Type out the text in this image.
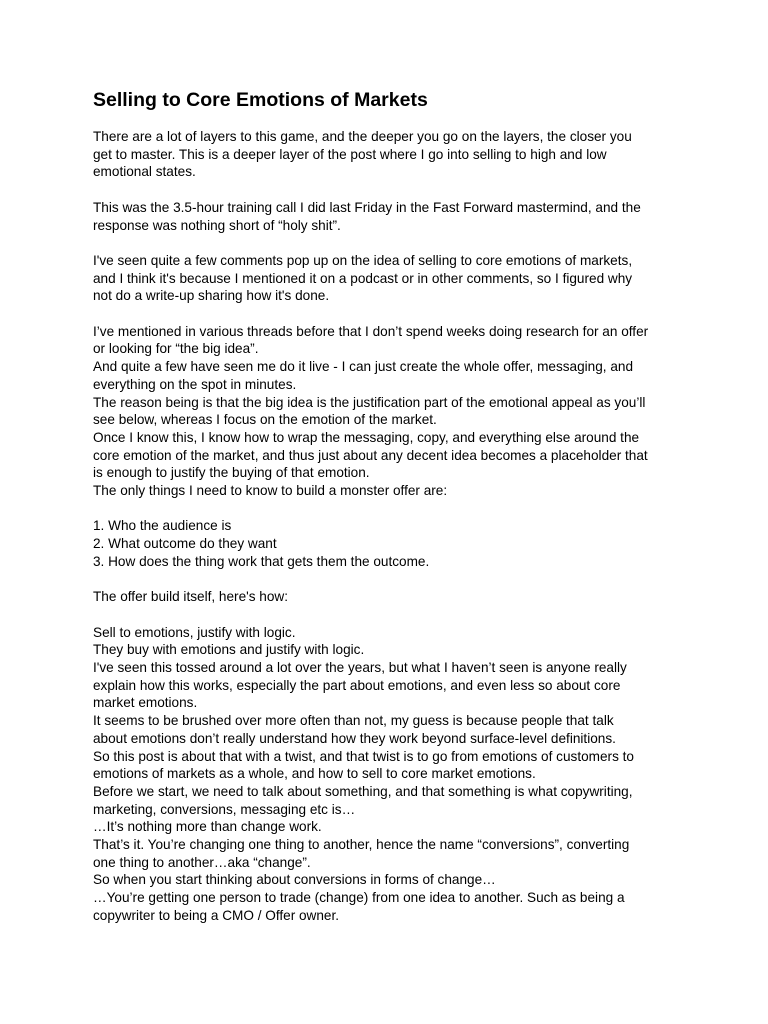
Selling to Core Emotions of Markets
There are a lot of layers to this game, and the deeper you go on the layers, the closer you
get to master. This is a deeper layer of the post where I go into selling to high and low
emotional states.
This was the 3.5-hour training call I did last Friday in the Fast Forward mastermind, and the
response was nothing short of “holy shit”.
I've seen quite a few comments pop up on the idea of selling to core emotions of markets,
and I think it's because I mentioned it on a podcast or in other comments, so I figured why
not do a write-up sharing how it's done.
I’ve mentioned in various threads before that I don’t spend weeks doing research for an offer
or looking for “the big idea”.
And quite a few have seen me do it live - I can just create the whole offer, messaging, and
everything on the spot in minutes.
The reason being is that the big idea is the justification part of the emotional appeal as you’ll
see below, whereas I focus on the emotion of the market.
Once I know this, I know how to wrap the messaging, copy, and everything else around the
core emotion of the market, and thus just about any decent idea becomes a placeholder that
is enough to justify the buying of that emotion.
The only things I need to know to build a monster offer are:
1. Who the audience is
2. What outcome do they want
3. How does the thing work that gets them the outcome.
The offer build itself, here's how:
Sell to emotions, justify with logic.
They buy with emotions and justify with logic.
I've seen this tossed around a lot over the years, but what I haven’t seen is anyone really
explain how this works, especially the part about emotions, and even less so about core
market emotions.
It seems to be brushed over more often than not, my guess is because people that talk
about emotions don’t really understand how they work beyond surface-level definitions.
So this post is about that with a twist, and that twist is to go from emotions of customers to
emotions of markets as a whole, and how to sell to core market emotions.
Before we start, we need to talk about something, and that something is what copywriting,
marketing, conversions, messaging etc is…
…It’s nothing more than change work.
That’s it. You’re changing one thing to another, hence the name “conversions”, converting
one thing to another…aka “change”.
So when you start thinking about conversions in forms of change…
…You’re getting one person to trade (change) from one idea to another. Such as being a
copywriter to being a CMO / Offer owner.
